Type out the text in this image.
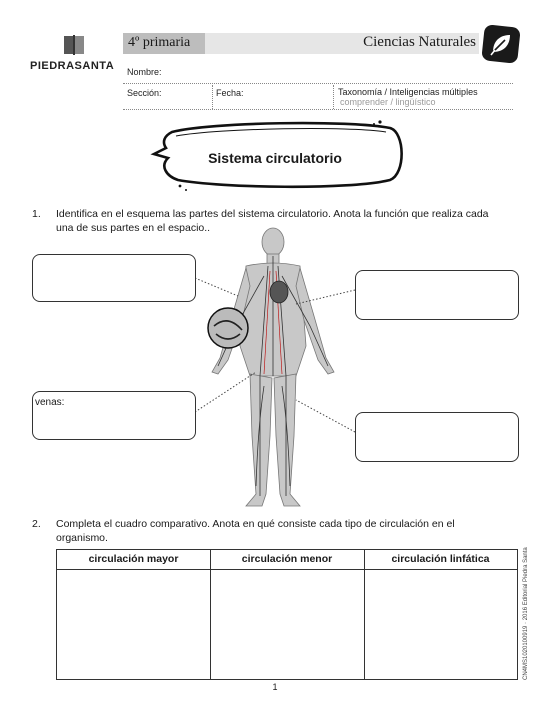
PIEDRASANTA
4º primaria	Ciencias Naturales
Nombre:
Sección:	Fecha:	Taxonomía / Inteligencias múltiples
comprender / lingüístico
Sistema circulatorio
1. Identifica en el esquema las partes del sistema circulatorio. Anota la función que realiza cada
una de sus partes en el espacio..
venas:
2. Completa el cuadro comparativo. Anota en qué consiste cada tipo de circulación en el
organismo.
circulación mayor	circulación menor	circulación linfática	CN4MS1020100919 · 2016 Editorial Piedra Santa
1
